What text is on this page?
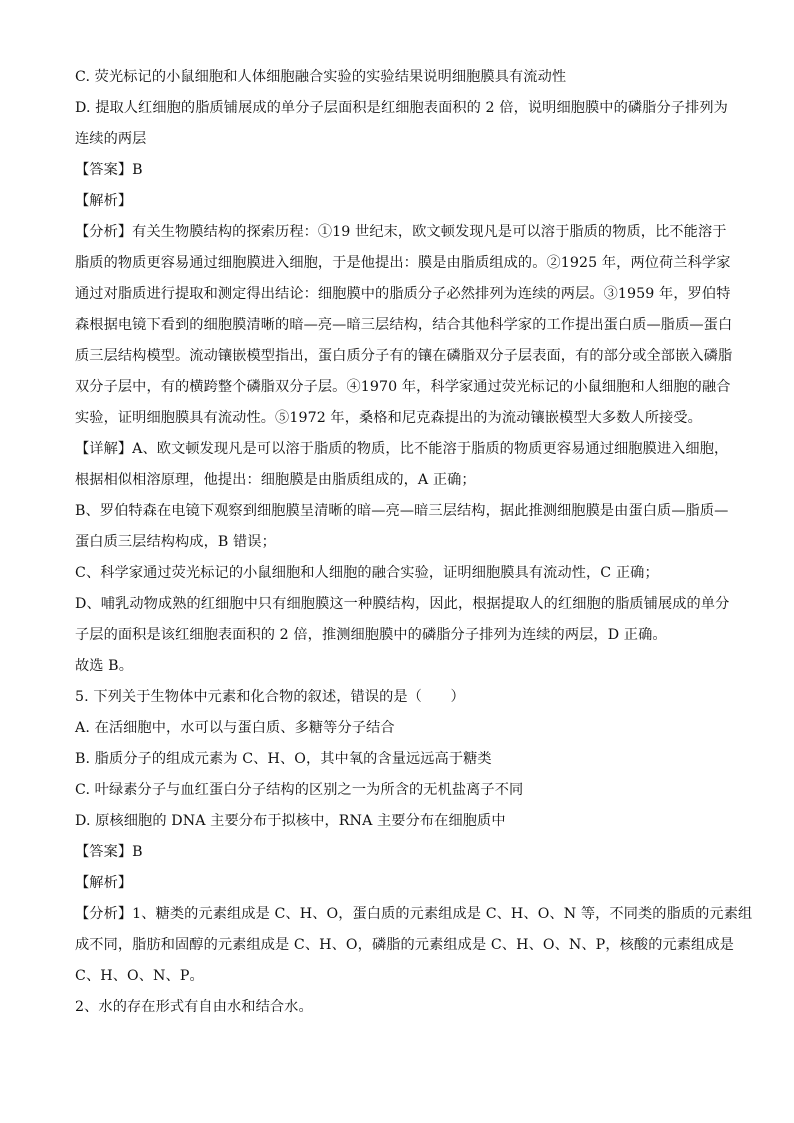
C. 荧光标记的小鼠细胞和人体细胞融合实验的实验结果说明细胞膜具有流动性

D. 提取人红细胞的脂质铺展成的单分子层面积是红细胞表面积的 2 倍，说明细胞膜中的磷脂分子排列为

连续的两层

【答案】B

【解析】

【分析】有关生物膜结构的探索历程：①19 世纪末，欧文顿发现凡是可以溶于脂质的物质，比不能溶于

脂质的物质更容易通过细胞膜进入细胞，于是他提出：膜是由脂质组成的。②1925 年，两位荷兰科学家

通过对脂质进行提取和测定得出结论：细胞膜中的脂质分子必然排列为连续的两层。③1959 年，罗伯特

森根据电镜下看到的细胞膜清晰的暗—亮—暗三层结构，结合其他科学家的工作提出蛋白质—脂质—蛋白

质三层结构模型。流动镶嵌模型指出，蛋白质分子有的镶在磷脂双分子层表面，有的部分或全部嵌入磷脂

双分子层中，有的横跨整个磷脂双分子层。④1970 年，科学家通过荧光标记的小鼠细胞和人细胞的融合

实验，证明细胞膜具有流动性。⑤1972 年，桑格和尼克森提出的为流动镶嵌模型大多数人所接受。

【详解】A、欧文顿发现凡是可以溶于脂质的物质，比不能溶于脂质的物质更容易通过细胞膜进入细胞，

根据相似相溶原理，他提出：细胞膜是由脂质组成的，A 正确；

B、罗伯特森在电镜下观察到细胞膜呈清晰的暗—亮—暗三层结构，据此推测细胞膜是由蛋白质—脂质—

蛋白质三层结构构成，B 错误；

C、科学家通过荧光标记的小鼠细胞和人细胞的融合实验，证明细胞膜具有流动性，C 正确；

D、哺乳动物成熟的红细胞中只有细胞膜这一种膜结构，因此，根据提取人的红细胞的脂质铺展成的单分

子层的面积是该红细胞表面积的 2 倍，推测细胞膜中的磷脂分子排列为连续的两层，D 正确。

故选 B。

5. 下列关于生物体中元素和化合物的叙述，错误的是（　　）

A. 在活细胞中，水可以与蛋白质、多糖等分子结合

B. 脂质分子的组成元素为 C、H、O，其中氧的含量远远高于糖类

C. 叶绿素分子与血红蛋白分子结构的区别之一为所含的无机盐离子不同

D. 原核细胞的 DNA 主要分布于拟核中，RNA 主要分布在细胞质中

【答案】B

【解析】

【分析】1、糖类的元素组成是 C、H、O，蛋白质的元素组成是 C、H、O、N 等，不同类的脂质的元素组

成不同，脂肪和固醇的元素组成是 C、H、O，磷脂的元素组成是 C、H、O、N、P，核酸的元素组成是

C、H、O、N、P。

2、水的存在形式有自由水和结合水。
